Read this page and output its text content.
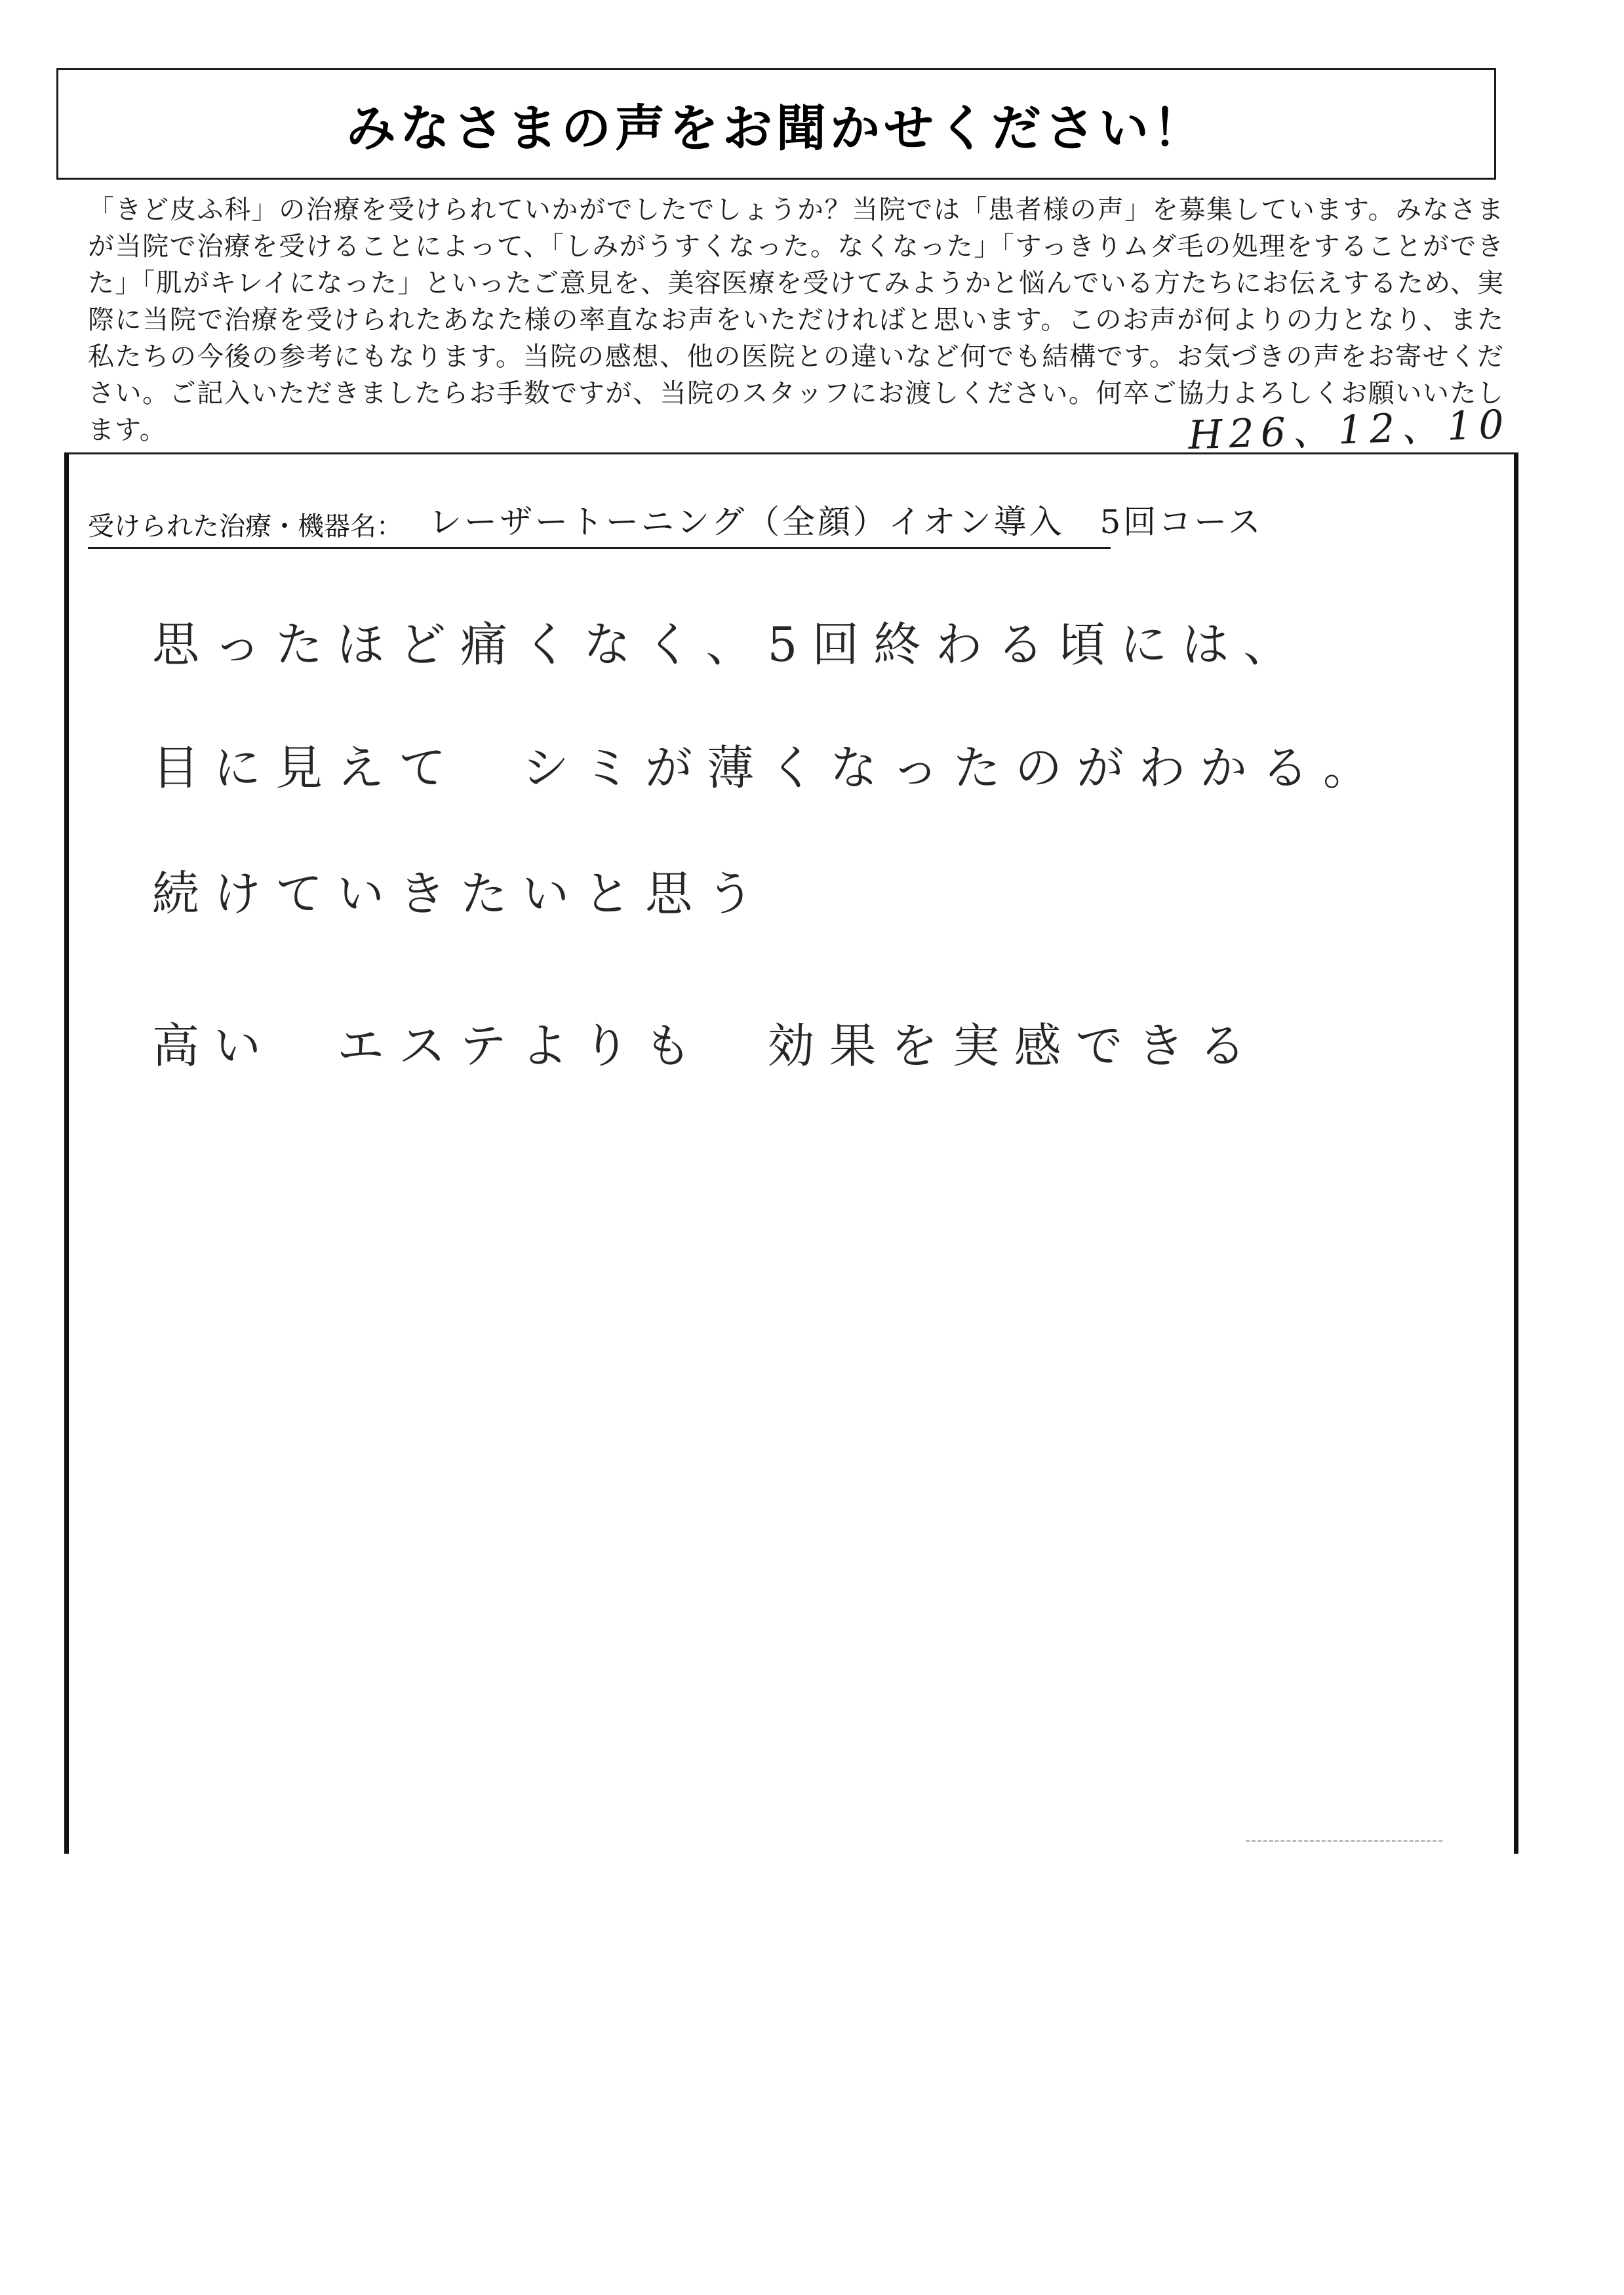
みなさまの声をお聞かせください！
「きど皮ふ科」の治療を受けられていかがでしたでしょうか？当院では「患者様の声」を募集しています。みなさまが当院で治療を受けることによって、「しみがうすくなった。なくなった」「すっきりムダ毛の処理をすることができた」「肌がキレイになった」といったご意見を、美容医療を受けてみようかと悩んでいる方たちにお伝えするため、実際に当院で治療を受けられたあなた様の率直なお声をいただければと思います。このお声が何よりの力となり、また私たちの今後の参考にもなります。当院の感想、他の医院との違いなど何でも結構です。お気づきの声をお寄せください。ご記入いただきましたらお手数ですが、当院のスタッフにお渡しください。何卒ご協力よろしくお願いいたします。	H26、12、10
受けられた治療・機器名： レーザートーニング（全顔）イオン導入　5回コース
思ったほど痛くなく、5回終わる頃には、
目に見えて　シミが薄くなったのがわかる。
続けていきたいと思う
高い　エステよりも　効果を実感できる
